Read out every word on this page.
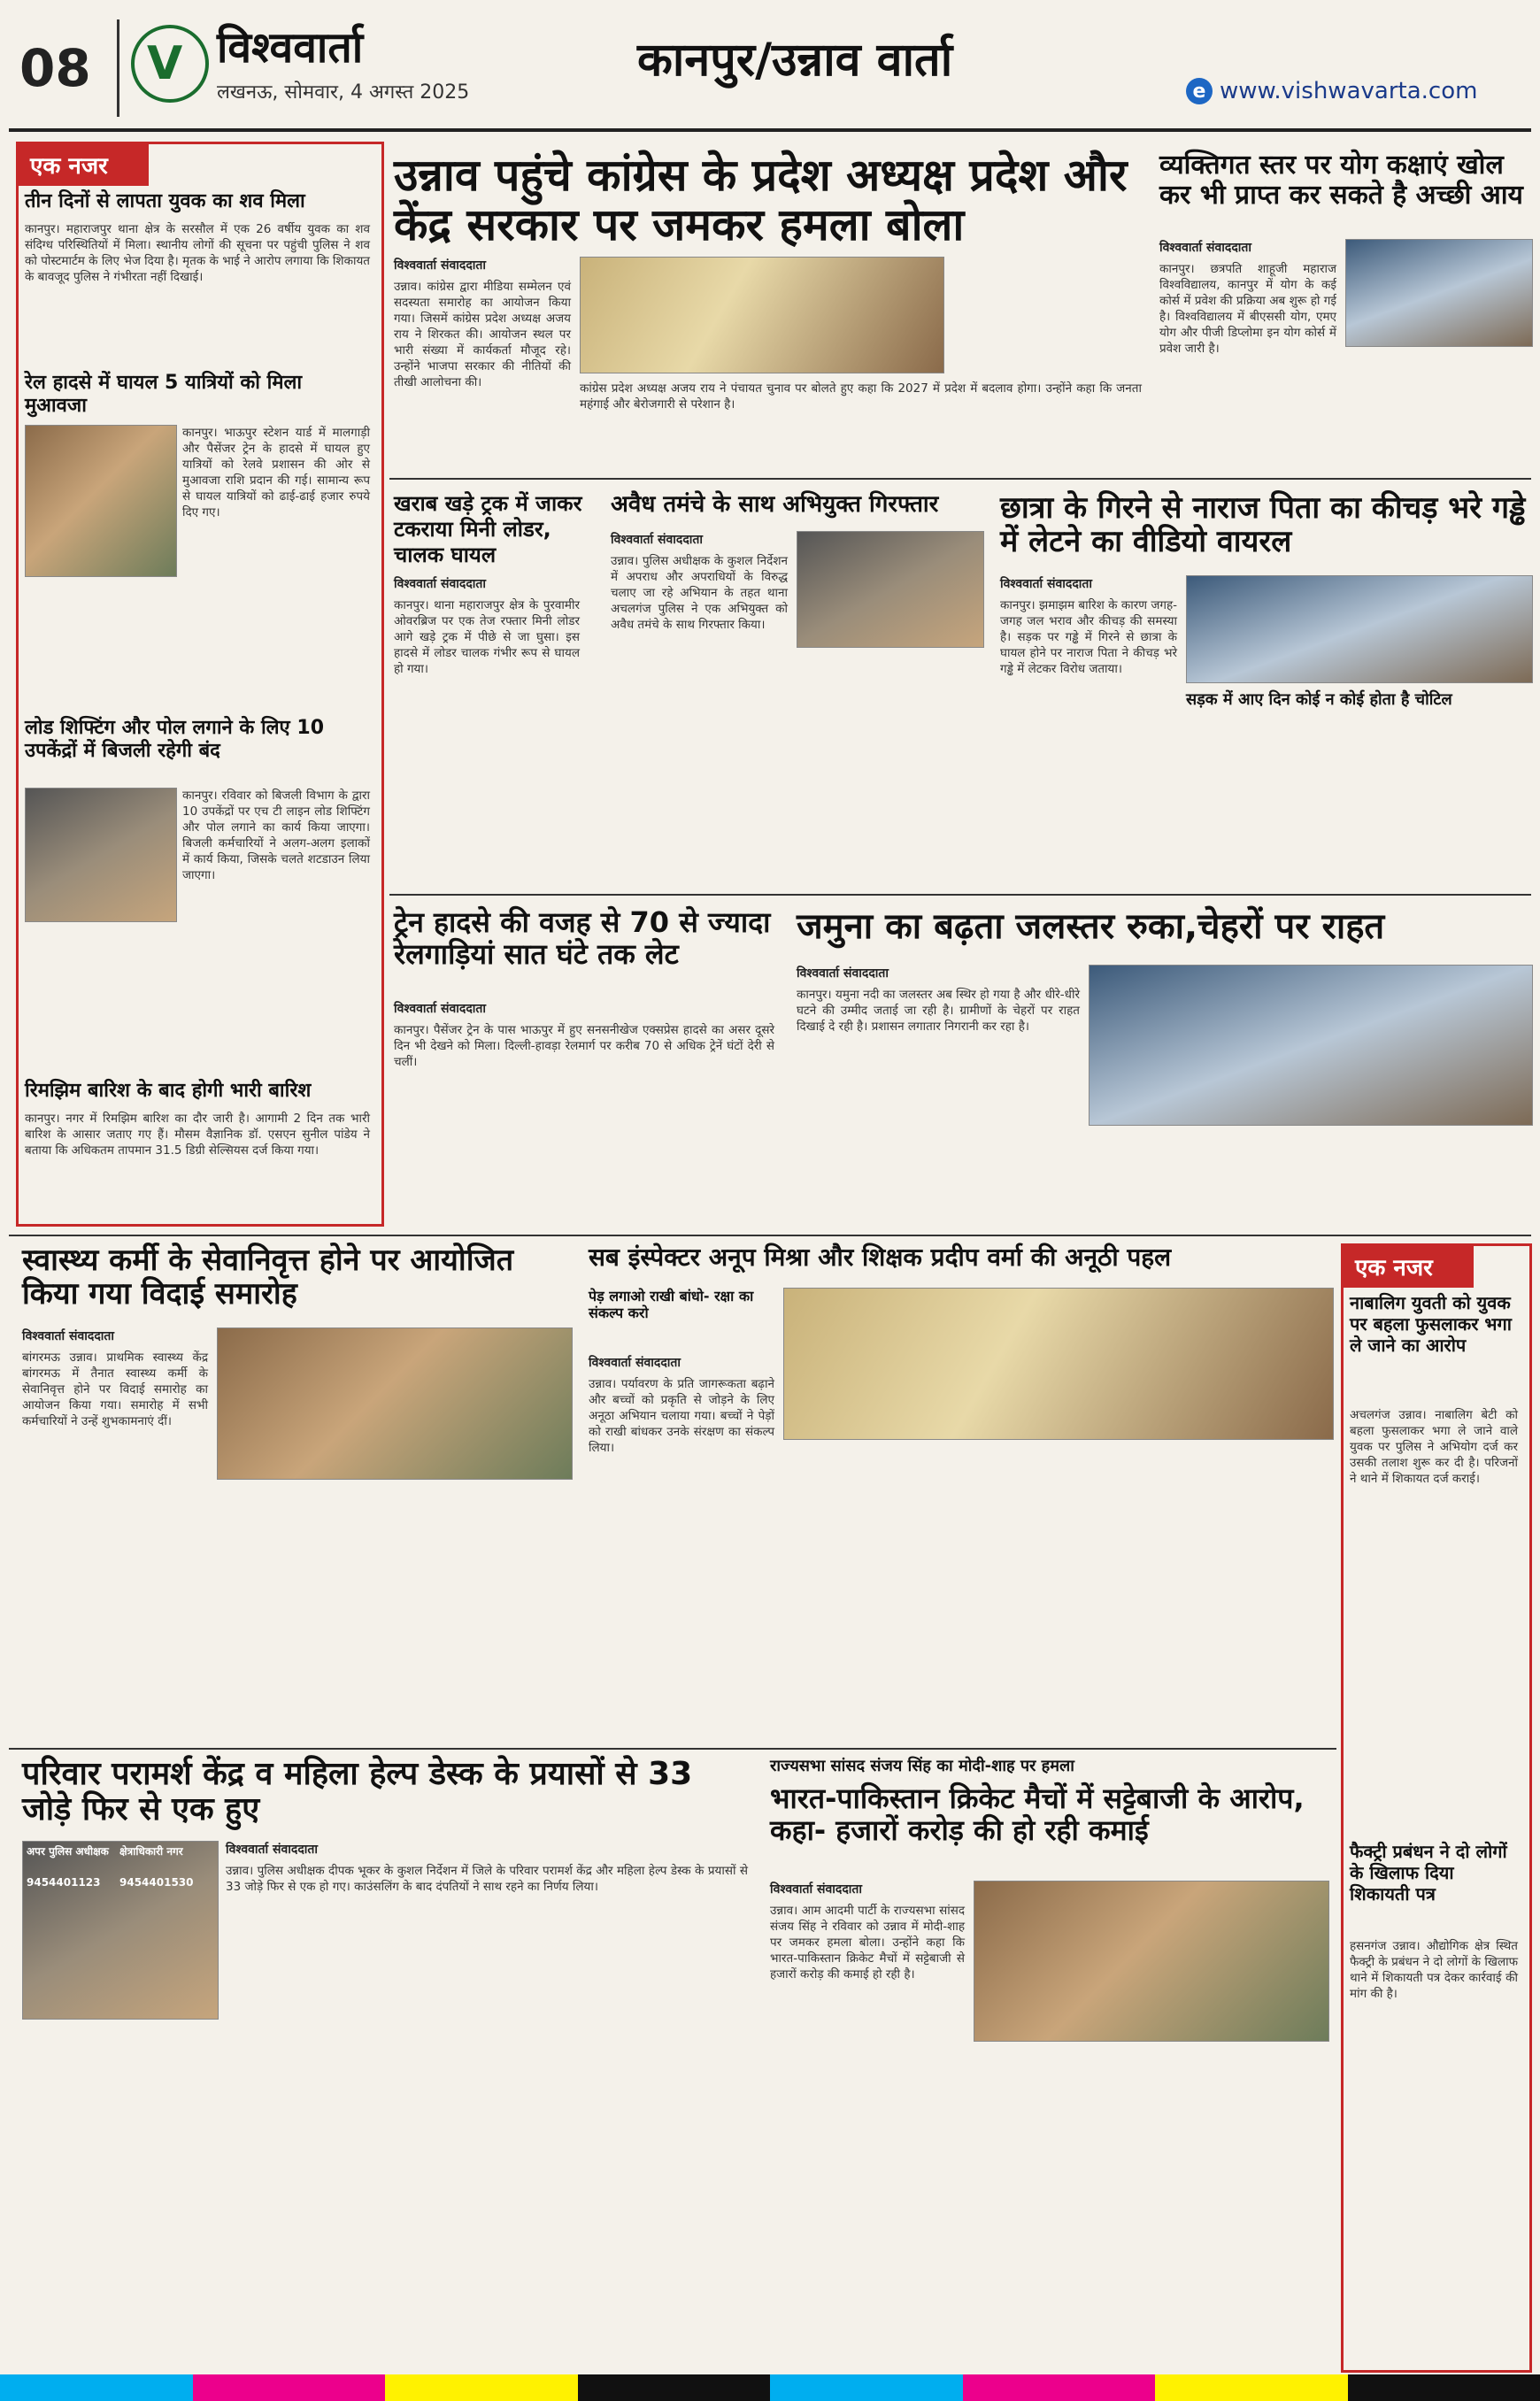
08	V विश्ववार्ता
लखनऊ, सोमवार, 4 अगस्त 2025
कानपुर/उन्नाव वार्ता
e www.vishwavarta.com
एक नजर
तीन दिनों से लापता युवक का शव मिला
कानपुर। महाराजपुर थाना क्षेत्र के सरसौल में एक 26 वर्षीय युवक का शव संदिग्ध परिस्थितियों में मिला। स्थानीय लोगों की सूचना पर पहुंची पुलिस ने शव को पोस्टमार्टम के लिए भेज दिया है। मृतक के भाई ने आरोप लगाया कि शिकायत के बावजूद पुलिस ने गंभीरता नहीं दिखाई।
रेल हादसे में घायल 5 यात्रियों को मिला मुआवजा
कानपुर। भाऊपुर स्टेशन यार्ड में मालगाड़ी और पैसेंजर ट्रेन के हादसे में घायल हुए यात्रियों को रेलवे प्रशासन की ओर से मुआवजा राशि प्रदान की गई। सामान्य रूप से घायल यात्रियों को ढाई-ढाई हजार रुपये दिए गए।
लोड शिफ्टिंग और पोल लगाने के लिए 10 उपकेंद्रों में बिजली रहेगी बंद
कानपुर। रविवार को बिजली विभाग के द्वारा 10 उपकेंद्रों पर एच टी लाइन लोड शिफ्टिंग और पोल लगाने का कार्य किया जाएगा। बिजली कर्मचारियों ने अलग-अलग इलाकों में कार्य किया, जिसके चलते शटडाउन लिया जाएगा।
रिमझिम बारिश के बाद होगी भारी बारिश
कानपुर। नगर में रिमझिम बारिश का दौर जारी है। आगामी 2 दिन तक भारी बारिश के आसार जताए गए हैं। मौसम वैज्ञानिक डॉ. एसएन सुनील पांडेय ने बताया कि अधिकतम तापमान 31.5 डिग्री सेल्सियस दर्ज किया गया।
उन्नाव पहुंचे कांग्रेस के प्रदेश अध्यक्ष प्रदेश और केंद्र सरकार पर जमकर हमला बोला
विश्ववार्ता संवाददाता
उन्नाव। कांग्रेस द्वारा मीडिया सम्मेलन एवं सदस्यता समारोह का आयोजन किया गया। जिसमें कांग्रेस प्रदेश अध्यक्ष अजय राय ने शिरकत की। आयोजन स्थल पर भारी संख्या में कार्यकर्ता मौजूद रहे। उन्होंने भाजपा सरकार की नीतियों की तीखी आलोचना की।	कांग्रेस प्रदेश अध्यक्ष अजय राय ने पंचायत चुनाव पर बोलते हुए कहा कि 2027 में प्रदेश में बदलाव होगा। उन्होंने कहा कि जनता महंगाई और बेरोजगारी से परेशान है।
व्यक्तिगत स्तर पर योग कक्षाएं खोल कर भी प्राप्त कर सकते है अच्छी आय
विश्ववार्ता संवाददाता
कानपुर। छत्रपति शाहूजी महाराज विश्वविद्यालय, कानपुर में योग के कई कोर्स में प्रवेश की प्रक्रिया अब शुरू हो गई है। विश्वविद्यालय में बीएससी योग, एमए योग और पीजी डिप्लोमा इन योग कोर्स में प्रवेश जारी है।
खराब खड़े ट्रक में जाकर टकराया मिनी लोडर, चालक घायल
विश्ववार्ता संवाददाता
कानपुर। थाना महाराजपुर क्षेत्र के पुरवामीर ओवरब्रिज पर एक तेज रफ्तार मिनी लोडर आगे खड़े ट्रक में पीछे से जा घुसा। इस हादसे में लोडर चालक गंभीर रूप से घायल हो गया।
अवैध तमंचे के साथ अभियुक्त गिरफ्तार
विश्ववार्ता संवाददाता
उन्नाव। पुलिस अधीक्षक के कुशल निर्देशन में अपराध और अपराधियों के विरुद्ध चलाए जा रहे अभियान के तहत थाना अचलगंज पुलिस ने एक अभियुक्त को अवैध तमंचे के साथ गिरफ्तार किया।
छात्रा के गिरने से नाराज पिता का कीचड़ भरे गड्ढे में लेटने का वीडियो वायरल
विश्ववार्ता संवाददाता
कानपुर। झमाझम बारिश के कारण जगह-जगह जल भराव और कीचड़ की समस्या है। सड़क पर गड्ढे में गिरने से छात्रा के घायल होने पर नाराज पिता ने कीचड़ भरे गड्ढे में लेटकर विरोध जताया।
सड़क में आए दिन कोई न कोई होता है चोटिल
ट्रेन हादसे की वजह से 70 से ज्यादा रेलगाड़ियां सात घंटे तक लेट
विश्ववार्ता संवाददाता
कानपुर। पैसेंजर ट्रेन के पास भाऊपुर में हुए सनसनीखेज एक्सप्रेस हादसे का असर दूसरे दिन भी देखने को मिला। दिल्ली-हावड़ा रेलमार्ग पर करीब 70 से अधिक ट्रेनें घंटों देरी से चलीं।
जमुना का बढ़ता जलस्तर रुका,चेहरों पर राहत
विश्ववार्ता संवाददाता
कानपुर। यमुना नदी का जलस्तर अब स्थिर हो गया है और धीरे-धीरे घटने की उम्मीद जताई जा रही है। ग्रामीणों के चेहरों पर राहत दिखाई दे रही है। प्रशासन लगातार निगरानी कर रहा है।
स्वास्थ्य कर्मी के सेवानिवृत्त होने पर आयोजित किया गया विदाई समारोह
विश्ववार्ता संवाददाता
बांगरमऊ उन्नाव। प्राथमिक स्वास्थ्य केंद्र बांगरमऊ में तैनात स्वास्थ्य कर्मी के सेवानिवृत्त होने पर विदाई समारोह का आयोजन किया गया। समारोह में सभी कर्मचारियों ने उन्हें शुभकामनाएं दीं।
सब इंस्पेक्टर अनूप मिश्रा और शिक्षक प्रदीप वर्मा की अनूठी पहल
पेड़ लगाओ राखी बांधो- रक्षा का संकल्प करो
विश्ववार्ता संवाददाता
उन्नाव। पर्यावरण के प्रति जागरूकता बढ़ाने और बच्चों को प्रकृति से जोड़ने के लिए अनूठा अभियान चलाया गया। बच्चों ने पेड़ों को राखी बांधकर उनके संरक्षण का संकल्प लिया।
एक नजर
नाबालिग युवती को युवक पर बहला फुसलाकर भगा ले जाने का आरोप
अचलगंज उन्नाव। नाबालिग बेटी को बहला फुसलाकर भगा ले जाने वाले युवक पर पुलिस ने अभियोग दर्ज कर उसकी तलाश शुरू कर दी है। परिजनों ने थाने में शिकायत दर्ज कराई।
फैक्ट्री प्रबंधन ने दो लोगों के खिलाफ दिया शिकायती पत्र
हसनगंज उन्नाव। औद्योगिक क्षेत्र स्थित फैक्ट्री के प्रबंधन ने दो लोगों के खिलाफ थाने में शिकायती पत्र देकर कार्रवाई की मांग की है।
परिवार परामर्श केंद्र व महिला हेल्प डेस्क के प्रयासों से 33 जोड़े फिर से एक हुए
अपर पुलिस अधीक्षक
9454401123
क्षेत्राधिकारी नगर
9454401530
विश्ववार्ता संवाददाता
उन्नाव। पुलिस अधीक्षक दीपक भूकर के कुशल निर्देशन में जिले के परिवार परामर्श केंद्र और महिला हेल्प डेस्क के प्रयासों से 33 जोड़े फिर से एक हो गए। काउंसलिंग के बाद दंपतियों ने साथ रहने का निर्णय लिया।
राज्यसभा सांसद संजय सिंह का मोदी-शाह पर हमला
भारत-पाकिस्तान क्रिकेट मैचों में सट्टेबाजी के आरोप, कहा- हजारों करोड़ की हो रही कमाई
विश्ववार्ता संवाददाता
उन्नाव। आम आदमी पार्टी के राज्यसभा सांसद संजय सिंह ने रविवार को उन्नाव में मोदी-शाह पर जमकर हमला बोला। उन्होंने कहा कि भारत-पाकिस्तान क्रिकेट मैचों में सट्टेबाजी से हजारों करोड़ की कमाई हो रही है।
